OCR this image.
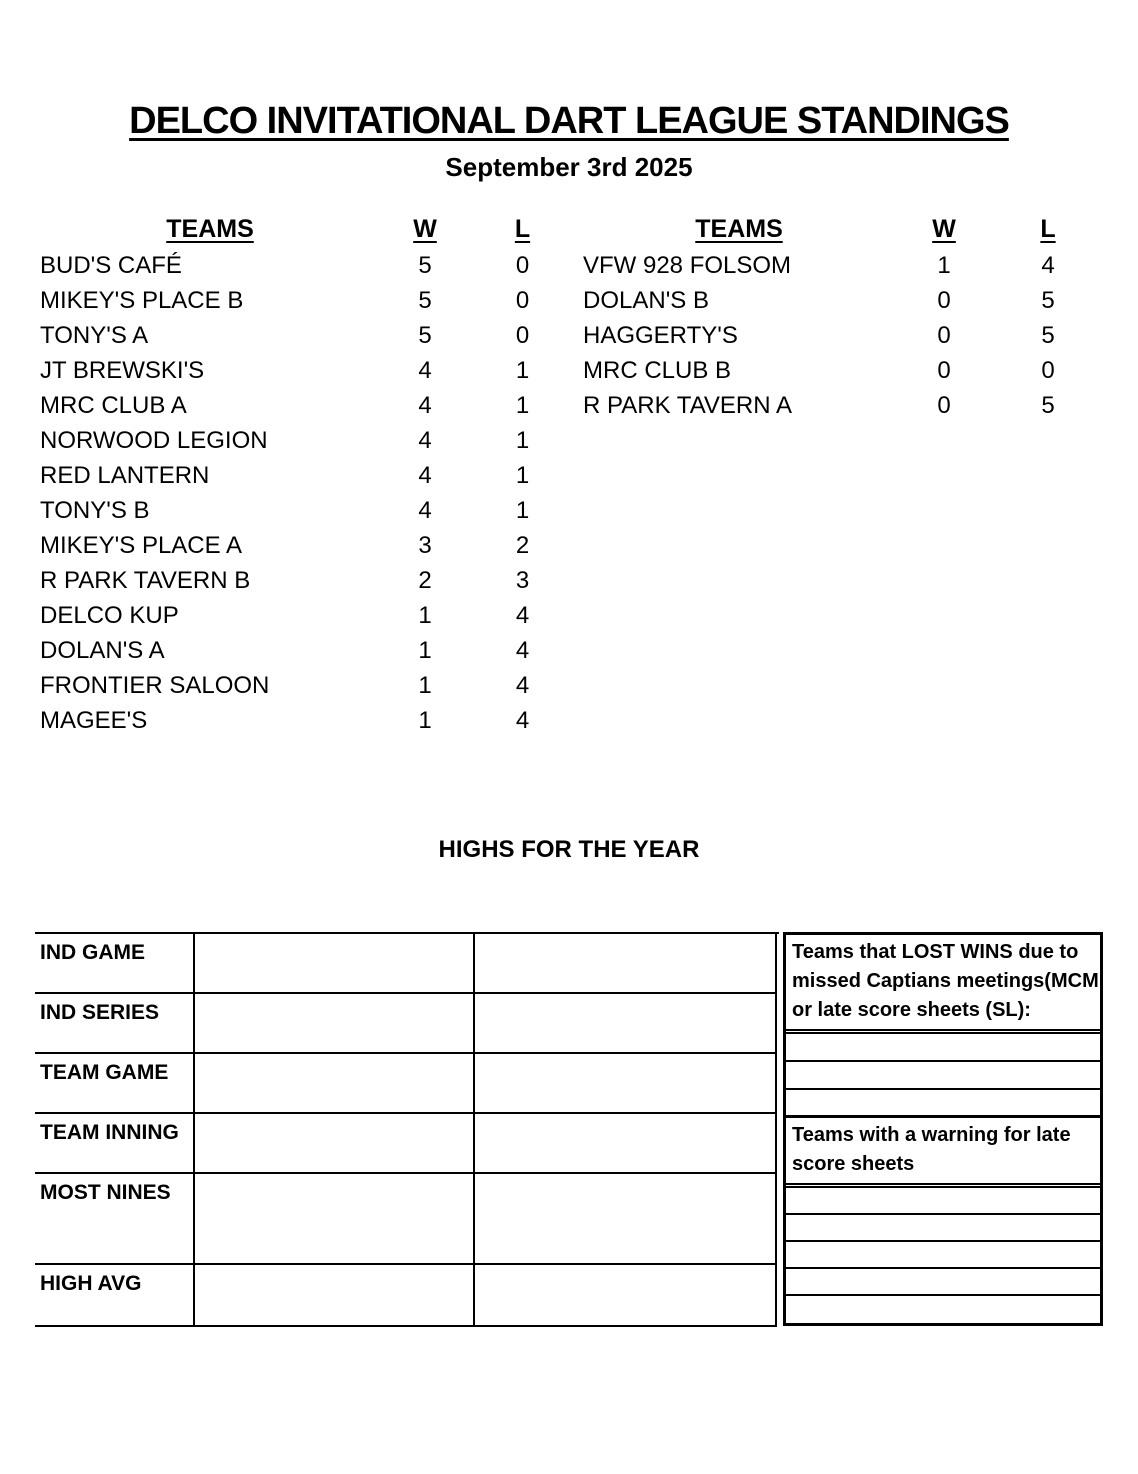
DELCO INVITATIONAL DART LEAGUE STANDINGS
September 3rd 2025
TEAMS	W	L
BUD'S CAFÉ	5	0
MIKEY'S PLACE B	5	0
TONY'S A	5	0
JT BREWSKI'S	4	1
MRC CLUB A	4	1
NORWOOD LEGION	4	1
RED LANTERN	4	1
TONY'S B	4	1
MIKEY'S PLACE A	3	2
R PARK TAVERN B	2	3
DELCO KUP	1	4
DOLAN'S A	1	4
FRONTIER SALOON	1	4
MAGEE'S	1	4
TEAMS	W	L
VFW 928 FOLSOM	1	4
DOLAN'S B	0	5
HAGGERTY'S	0	5
MRC CLUB B	0	0
R PARK TAVERN A	0	5
HIGHS FOR THE YEAR
IND GAME
IND SERIES
TEAM GAME
TEAM INNING
MOST NINES
HIGH AVG
Teams that LOST WINS due to
missed Captians meetings(MCM
or late score sheets (SL):
Teams with a warning for late
score sheets
